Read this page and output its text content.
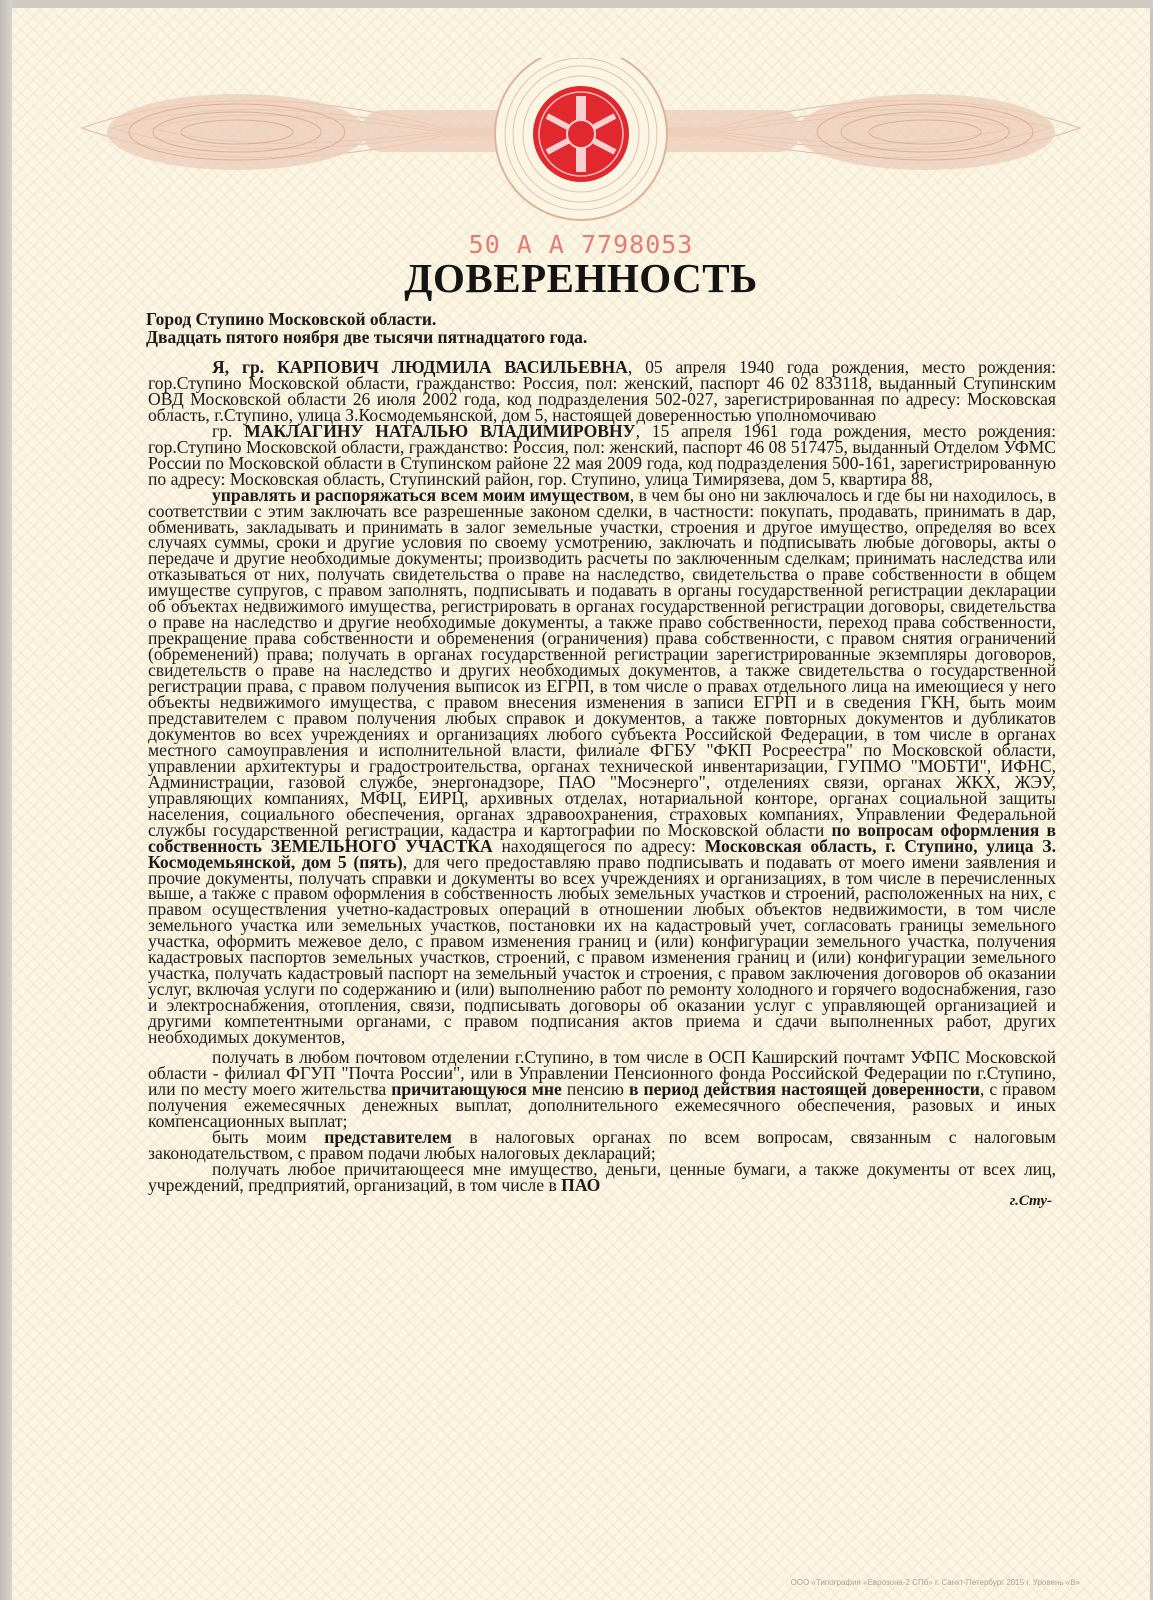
50 А А 7798053
ДОВЕРЕННОСТЬ
Город Ступино Московской области.
Двадцать пятого ноября две тысячи пятнадцатого года.

Я, гр. КАРПОВИЧ ЛЮДМИЛА ВАСИЛЬЕВНА, 05 апреля 1940 года рождения, место рождения: гор.Ступино Московской области, гражданство: Россия, пол: женский, паспорт 46 02 833118, выданный Ступинским ОВД Московской области 26 июля 2002 года, код подразделения 502-027, зарегистрированная по адресу: Московская область, г.Ступино, улица З.Космодемьянской, дом 5, настоящей доверенностью уполномочиваю

гр. МАКЛАГИНУ НАТАЛЬЮ ВЛАДИМИРОВНУ, 15 апреля 1961 года рождения, место рождения: гор.Ступино Московской области, гражданство: Россия, пол: женский, паспорт 46 08 517475, выданный Отделом УФМС России по Московской области в Ступинском районе 22 мая 2009 года, код подразделения 500-161, зарегистрированную по адресу: Московская область, Ступинский район, гор. Ступино, улица Тимирязева, дом 5, квартира 88,

управлять и распоряжаться всем моим имуществом, в чем бы оно ни заключалось и где бы ни находилось, в соответствии с этим заключать все разрешенные законом сделки, в частности: покупать, продавать, принимать в дар, обменивать, закладывать и принимать в залог земельные участки, строения и другое имущество, определяя во всех случаях суммы, сроки и другие условия по своему усмотрению, заключать и подписывать любые договоры, акты о передаче и другие необходимые документы; производить расчеты по заключенным сделкам; принимать наследства или отказываться от них, получать свидетельства о праве на наследство, свидетельства о праве собственности в общем имуществе супругов, с правом заполнять, подписывать и подавать в органы государственной регистрации декларации об объектах недвижимого имущества, регистрировать в органах государственной регистрации договоры, свидетельства о праве на наследство и другие необходимые документы, а также право собственности, переход права собственности, прекращение права собственности и обременения (ограничения) права собственности, с правом снятия ограничений (обременений) права; получать в органах государственной регистрации зарегистрированные экземпляры договоров, свидетельств о праве на наследство и других необходимых документов, а также свидетельства о государственной регистрации права, с правом получения выписок из ЕГРП, в том числе о правах отдельного лица на имеющиеся у него объекты недвижимого имущества, с правом внесения изменения в записи ЕГРП и в сведения ГКН, быть моим представителем с правом получения любых справок и документов, а также повторных документов и дубликатов документов во всех учреждениях и организациях любого субъекта Российской Федерации, в том числе в органах местного самоуправления и исполнительной власти, филиале ФГБУ "ФКП Росреестра" по Московской области, управлении архитектуры и градостроительства, органах технической инвентаризации, ГУПМО "МОБТИ", ИФНС, Администрации, газовой службе, энергонадзоре, ПАО "Мосэнерго", отделениях связи, органах ЖКХ, ЖЭУ, управляющих компаниях, МФЦ, ЕИРЦ, архивных отделах, нотариальной конторе, органах социальной защиты населения, социального обеспечения, органах здравоохранения, страховых компаниях, Управлении Федеральной службы государственной регистрации, кадастра и картографии по Московской области по вопросам оформления в собственность ЗЕМЕЛЬНОГО УЧАСТКА находящегося по адресу: Московская область, г. Ступино, улица З. Космодемьянской, дом 5 (пять), для чего предоставляю право подписывать и подавать от моего имени заявления и прочие документы, получать справки и документы во всех учреждениях и организациях, в том числе в перечисленных выше, а также с правом оформления в собственность любых земельных участков и строений, расположенных на них, с правом осуществления учетно-кадастровых операций в отношении любых объектов недвижимости, в том числе земельного участка или земельных участков, постановки их на кадастровый учет, согласовать границы земельного участка, оформить межевое дело, с правом изменения границ и (или) конфигурации земельного участка, получения кадастровых паспортов земельных участков, строений, с правом изменения границ и (или) конфигурации земельного участка, получать кадастровый паспорт на земельный участок и строения, с правом заключения договоров об оказании услуг, включая услуги по содержанию и (или) выполнению работ по ремонту холодного и горячего водоснабжения, газо и электроснабжения, отопления, связи, подписывать договоры об оказании услуг с управляющей организацией и другими компетентными органами, с правом подписания актов приема и сдачи выполненных работ, других необходимых документов,

получать в любом почтовом отделении г.Ступино, в том числе в ОСП Каширский почтамт УФПС Московской области - филиал ФГУП "Почта России", или в Управлении Пенсионного фонда Российской Федерации по г.Ступино, или по месту моего жительства причитающуюся мне пенсию в период действия настоящей доверенности, с правом получения ежемесячных денежных выплат, дополнительного ежемесячного обеспечения, разовых и иных компенсационных выплат;

быть моим представителем в налоговых органах по всем вопросам, связанным с налоговым законодательством, с правом подачи любых налоговых деклараций;

получать любое причитающееся мне имущество, деньги, ценные бумаги, а также документы от всех лиц, учреждений, предприятий, организаций, в том числе в ПАО

г.Сту-
ООО «Типография «Еврозона-2 СПб» г. Санкт-Петербург 2015 г. Уровень «В»
